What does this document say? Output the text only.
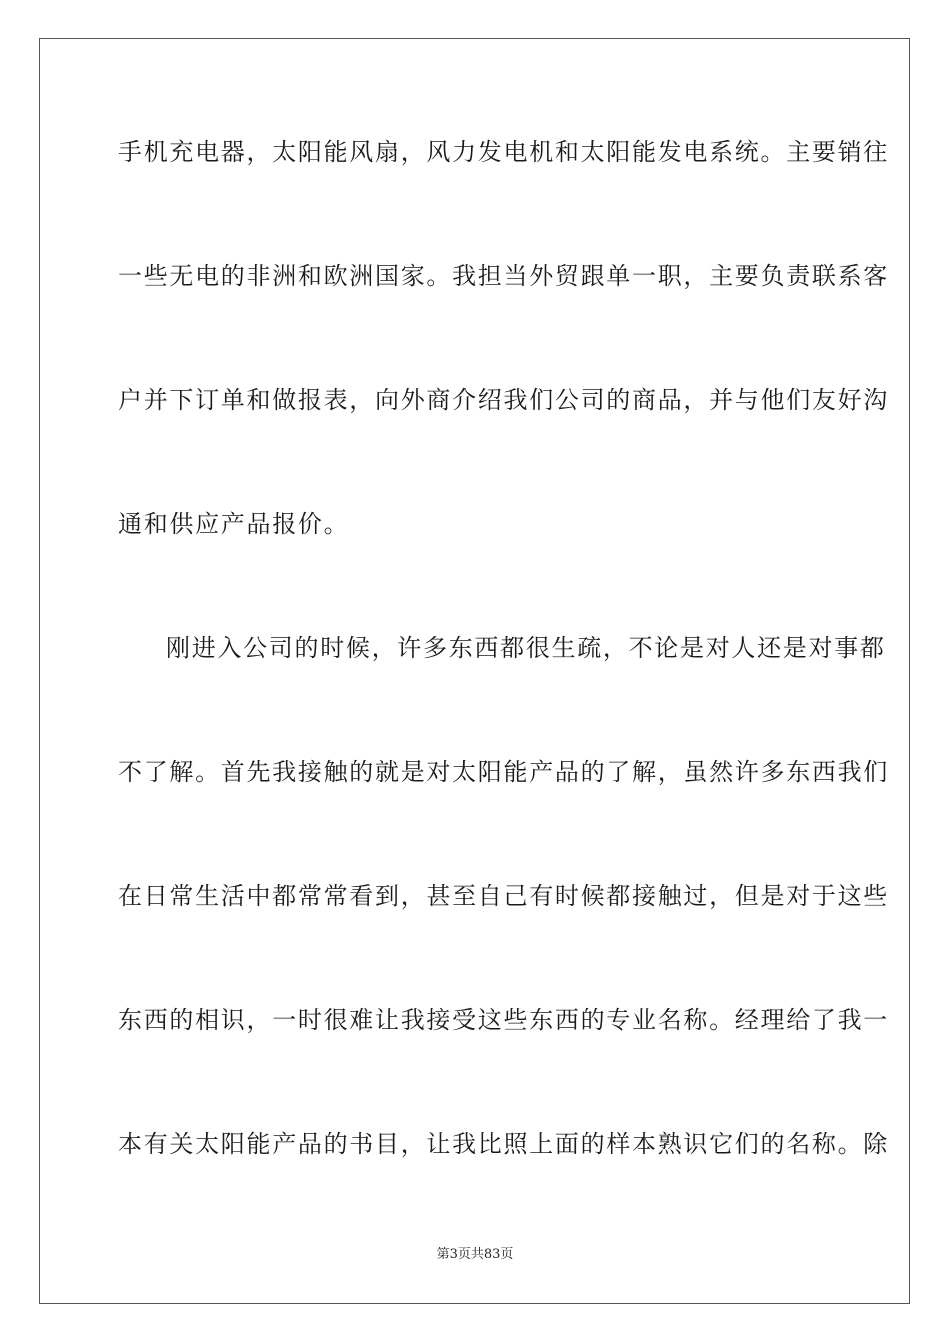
手机充电器，太阳能风扇，风力发电机和太阳能发电系统。主要销往
一些无电的非洲和欧洲国家。我担当外贸跟单一职，主要负责联系客
户并下订单和做报表，向外商介绍我们公司的商品，并与他们友好沟
通和供应产品报价。
刚进入公司的时候，许多东西都很生疏，不论是对人还是对事都
不了解。首先我接触的就是对太阳能产品的了解，虽然许多东西我们
在日常生活中都常常看到，甚至自己有时候都接触过，但是对于这些
东西的相识，一时很难让我接受这些东西的专业名称。经理给了我一
本有关太阳能产品的书目，让我比照上面的样本熟识它们的名称。除
第3页共83页
